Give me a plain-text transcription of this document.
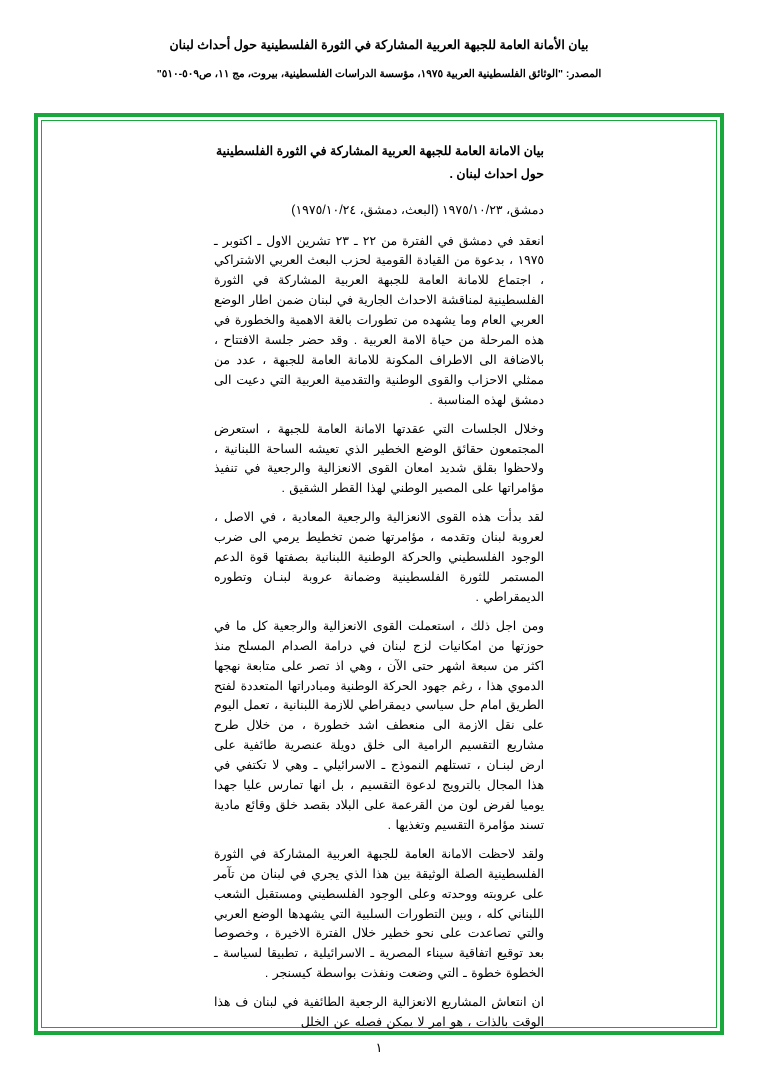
بيان الأمانة العامة للجبهة العربية المشاركة في الثورة الفلسطينية حول أحداث لبنان
المصدر: "الوثائق الفلسطينية العربية ١٩٧٥، مؤسسة الدراسات الفلسطينية، بيروت، مج ١١، ص٥٠٩-٥١٠"
بيان الامانة العامة للجبهة العربية المشاركة في الثورة الفلسطينية
حول احداث لبنان .
دمشق، ١٩٧٥/١٠/٢٣ (البعث، دمشق، ١٩٧٥/١٠/٢٤)

انعقد في دمشق في الفترة من ٢٢ ـ ٢٣ تشرين الاول ـ اكتوبر ـ ١٩٧٥ ، بدعوة من القيادة القومية لحزب البعث العربي الاشتراكي ، اجتماع للامانة العامة للجبهة العربية المشاركة في الثورة الفلسطينية لمناقشة الاحداث الجارية في لبنان ضمن اطار الوضع العربي العام وما يشهده من تطورات بالغة الاهمية والخطورة في هذه المرحلة من حياة الامة العربية . وقد حضر جلسة الافتتاح ، بالاضافة الى الاطراف المكونة للامانة العامة للجبهة ، عدد من ممثلي الاحزاب والقوى الوطنية والتقدمية العربية التي دعيت الى دمشق لهذه المناسبة .

وخلال الجلسات التي عقدتها الامانة العامة للجبهة ، استعرض المجتمعون حقائق الوضع الخطير الذي تعيشه الساحة اللبنانية ، ولاحظوا بقلق شديد امعان القوى الانعزالية والرجعية في تنفيذ مؤامراتها على المصير الوطني لهذا القطر الشقيق .

لقد بدأت هذه القوى الانعزالية والرجعية المعادية ، في الاصل ، لعروبة لبنان وتقدمه ، مؤامرتها ضمن تخطيط يرمي الى ضرب الوجود الفلسطيني والحركة الوطنية اللبنانية بصفتها قوة الدعم المستمر للثورة الفلسطينية وضمانة عروبة لبنـان وتطوره الديمقراطي .

ومن اجل ذلك ، استعملت القوى الانعزالية والرجعية كل ما في حوزتها من امكانيات لزج لبنان في درامة الصدام المسلح منذ اكثر من سبعة اشهر حتى الآن ، وهي اذ تصر على متابعة نهجها الدموي هذا ، رغم جهود الحركة الوطنية ومبادراتها المتعددة لفتح الطريق امام حل سياسي ديمقراطي للازمة اللبنانية ، تعمل اليوم على نقل الازمة الى منعطف اشد خطورة ، من خلال طرح مشاريع التقسيم الرامية الى خلق دويلة عنصرية طائفية على ارض لبنـان ، تستلهم النموذج ـ الاسرائيلي ـ وهي لا تكتفي في هذا المجال بالترويج لدعوة التقسيم ، بل انها تمارس عليا جهدا يوميا لفرض لون من القرعمة على البلاد بقصد خلق وقائع مادية تسند مؤامرة التقسيم وتغذيها .

ولقد لاحظت الامانة العامة للجبهة العربية المشاركة في الثورة الفلسطينية الصلة الوثيقة بين هذا الذي يجري في لبنان من تآمر على عروبته ووحدته وعلى الوجود الفلسطيني ومستقبل الشعب اللبناني كله ، وبين التطورات السلبية التي يشهدها الوضع العربي والتي تصاعدت على نحو خطير خلال الفترة الاخيرة ، وخصوصا بعد توقيع اتفاقية سيناء المصرية ـ الاسرائيلية ، تطبيقا لسياسة ـ الخطوة خطوة ـ التي وضعت ونفذت بواسطة كيسنجر .

ان انتعاش المشاريع الانعزالية الرجعية الطائفية في لبنان ف هذا الوقت بالذات ، هو امر لا يمكن فصله عن الخلل

١
